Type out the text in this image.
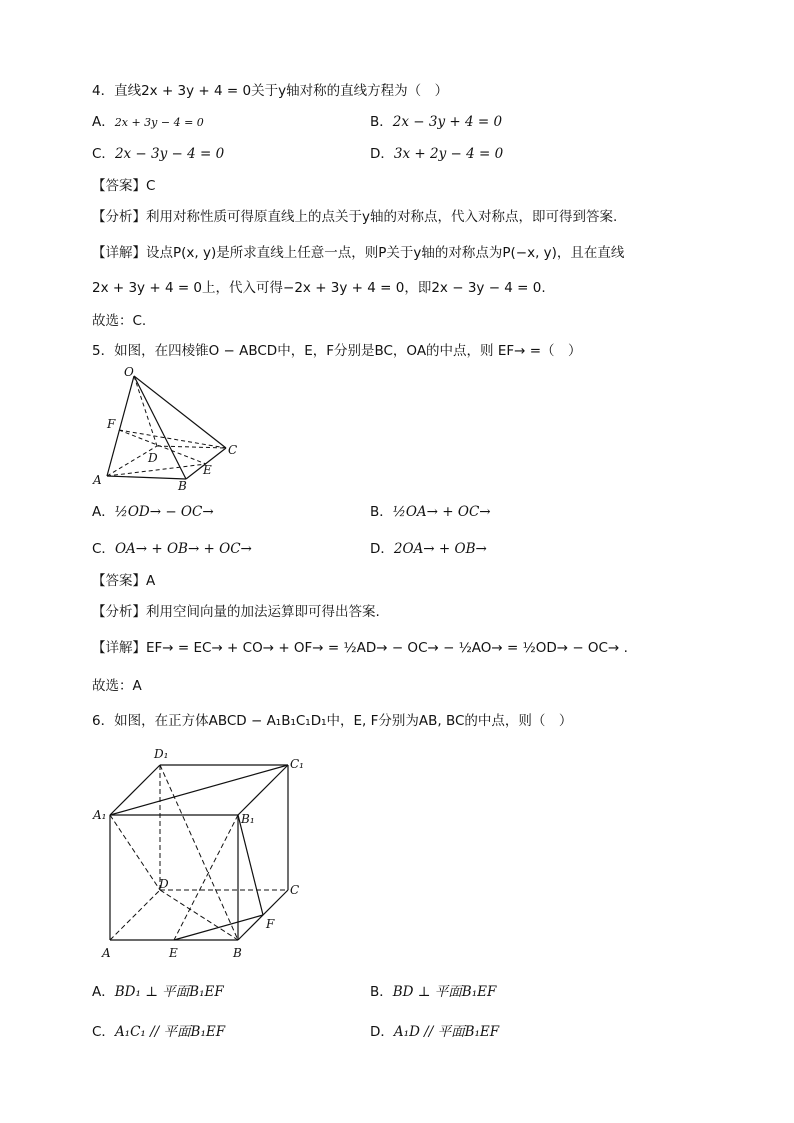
4．直线2x + 3y + 4 = 0关于y轴对称的直线方程为（　）
A．2x + 3y − 4 = 0	B．2x − 3y + 4 = 0
C．2x − 3y − 4 = 0	D．3x + 2y − 4 = 0
【答案】C
【分析】利用对称性质可得原直线上的点关于y轴的对称点，代入对称点，即可得到答案.
【详解】设点P(x, y)是所求直线上任意一点，则P关于y轴的对称点为P(−x, y)，且在直线
2x + 3y + 4 = 0上，代入可得−2x + 3y + 4 = 0，即2x − 3y − 4 = 0.
故选：C.
5．如图，在四棱锥O − ABCD中，E，F分别是BC，OA的中点，则 EF→ =（　）
O
F
D
C
E
A	B
A．½OD→ − OC→	B．½OA→ + OC→
C．OA→ + OB→ + OC→	D．2OA→ + OB→
【答案】A
【分析】利用空间向量的加法运算即可得出答案.
【详解】EF→ = EC→ + CO→ + OF→ = ½AD→ − OC→ − ½AO→ = ½OD→ − OC→ .
故选：A
6．如图，在正方体ABCD − A₁B₁C₁D₁中，E, F分别为AB, BC的中点，则（　）
D₁
C₁
A₁	B₁
D	C
F
A	E	B
A．BD₁ ⊥ 平面B₁EF	B．BD ⊥ 平面B₁EF
C．A₁C₁ // 平面B₁EF	D．A₁D // 平面B₁EF
